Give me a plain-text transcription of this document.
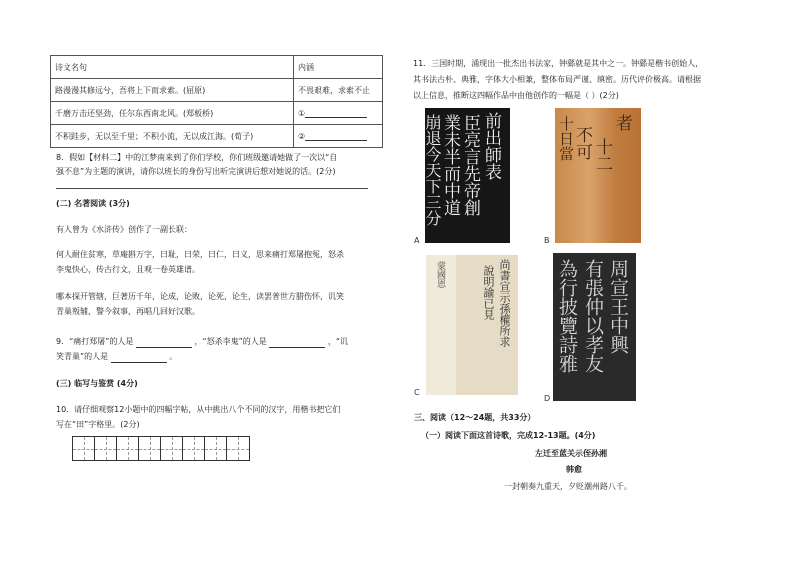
诗文名句	内涵
路漫漫其修远兮，吾将上下而求索。(屈原)	不畏艰难，求索不止
千磨万击还坚劲，任尔东西南北风。(郑板桥)	①
不积跬步，无以至千里；不积小流，无以成江海。(荀子)	②
8．假如【材料二】中的江梦南来到了你们学校，你们班级邀请她做了一次以“自
强不息”为主题的演讲，请你以班长的身份写出听完演讲后想对她说的话。(2分)
(二) 名著阅读 (3分)
有人曾为《水浒传》创作了一副长联：
何人耐住贫寒，草庵斟万字，曰耻，曰荣，曰仁，曰义，思来痛打郑屠抱冤，怒杀
李鬼快心，传古行文，且观一卷英雄谱。
哪本探开管辖，巨著历千年，论成，论败，论死，论生，读罢普世方腊伤怀，讥笑
青巢叛辅，警今叙事，再唱几回好汉歌。
9．“痛打郑屠”的人是	，“怒杀李鬼”的人是	，“讥
笑青巢”的人是	。
(三) 临写与鉴赏 (4分)
10．请仔细观察12小题中的四幅字帖，从中挑出八个不同的汉字，用楷书把它们
写在“田”字格里。(2分)
11．三国时期，涌现出一批杰出书法家，钟繇就是其中之一。钟繇是楷书创始人，
其书法古朴、典雅，字体大小相兼，整体布局严谨、缜密。历代评价极高。请根据
以上信息，推断这四幅作品中由他创作的一幅是（ ）(2分)
前出師表
臣亮言先帝創
業未半而中道
崩退今天下三分
A
者
十二
不可
十日當
B
尚書宣示孫權所求
說明諭已見
蒙國恩
C
周宣王中興
有張仲以孝友
為行披覽詩雅
D
三、阅读（12～24题，共33分）
（一）阅读下面这首诗歌，完成12-13题。(4分)
左迁至蓝关示侄孙湘
韩愈
一封朝奏九重天，夕贬潮州路八千。
